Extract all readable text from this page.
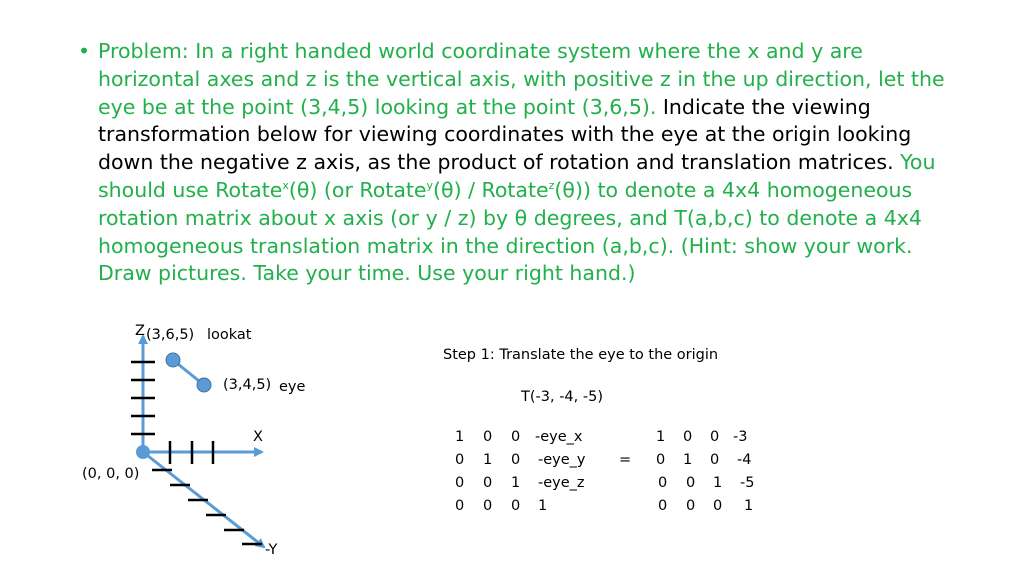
• Problem: In a right handed world coordinate system where the x and y are horizontal axes and z is the vertical axis, with positive z in the up direction, let the eye be at the point (3,4,5) looking at the point (3,6,5). Indicate the viewing transformation below for viewing coordinates with the eye at the origin looking down the negative z axis, as the product of rotation and translation matrices. You should use Rotate$^x$(θ) (or Rotate$^y$(θ) / Rotate$^z$(θ)) to denote a 4x4 homogeneous rotation matrix about x axis (or y / z) by θ degrees, and T(a,b,c) to denote a 4x4 homogeneous translation matrix in the direction (a,b,c). (Hint: show your work. Draw pictures. Take your time. Use your right hand.)
Z (3,6,5) lookat
(3,4,5) eye
X
(0, 0, 0)
-Y
Step 1: Translate the eye to the origin
T(-3, -4, -5)
1 0 0 -eye_x
0 1 0 -eye_y
0 0 1 -eye_z
0 0 0 1
=
1 0 0 -3
0 1 0 -4
0 0 1 -5
0 0 0 1
